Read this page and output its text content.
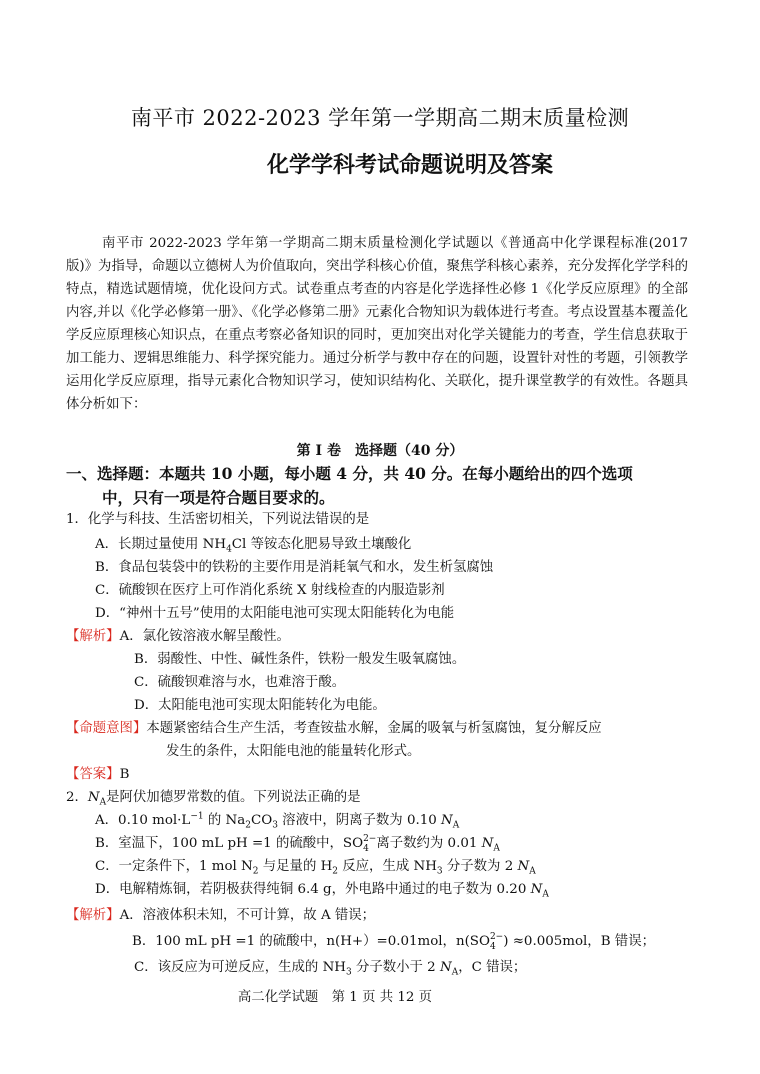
南平市 2022-2023 学年第一学期高二期末质量检测
化学学科考试命题说明及答案
南平市 2022-2023 学年第一学期高二期末质量检测化学试题以《普通高中化学课程标准(2017 版)》为指导，命题以立德树人为价值取向，突出学科核心价值，聚焦学科核心素养，充分发挥化学学科的特点，精选试题情境，优化设问方式。试卷重点考查的内容是化学选择性必修 1《化学反应原理》的全部内容,并以《化学必修第一册》、《化学必修第二册》元素化合物知识为载体进行考查。考点设置基本覆盖化学反应原理核心知识点，在重点考察必备知识的同时，更加突出对化学关键能力的考查，学生信息获取于加工能力、逻辑思维能力、科学探究能力。通过分析学与教中存在的问题，设置针对性的考题，引领教学运用化学反应原理，指导元素化合物知识学习，使知识结构化、关联化，提升课堂教学的有效性。各题具体分析如下：
第 I 卷　选择题（40 分）
一、选择题：本题共 10 小题，每小题 4 分，共 40 分。在每小题给出的四个选项
中，只有一项是符合题目要求的。
1．化学与科技、生活密切相关，下列说法错误的是
A．长期过量使用 $NH_4Cl$ 等铵态化肥易导致土壤酸化
B．食品包装袋中的铁粉的主要作用是消耗氧气和水，发生析氢腐蚀
C．硫酸钡在医疗上可作消化系统 X 射线检查的内服造影剂
D．“神州十五号”使用的太阳能电池可实现太阳能转化为电能
【解析】A．氯化铵溶液水解呈酸性。
B．弱酸性、中性、碱性条件，铁粉一般发生吸氧腐蚀。
C．硫酸钡难溶与水，也难溶于酸。
D．太阳能电池可实现太阳能转化为电能。
【命题意图】本题紧密结合生产生活，考查铵盐水解，金属的吸氧与析氢腐蚀，复分解反应
发生的条件，太阳能电池的能量转化形式。
【答案】B
2．$N_A$是阿伏加德罗常数的值。下列说法正确的是
A．0.10 $mol\cdot L^{-1}$ 的 $Na_2CO_3$ 溶液中，阴离子数为 0.10 $N_A$
B．室温下，100 mL pH =1 的硫酸中，SO 2−
4 离子数约为 0.01 $N_A$
C．一定条件下，1 mol $N_2$ 与足量的 $H_2$ 反应，生成 $NH_3$ 分子数为 2 $N_A$
D．电解精炼铜，若阴极获得纯铜 6.4 g，外电路中通过的电子数为 0.20 $N_A$
【解析】A．溶液体积未知，不可计算，故 A 错误；
B．100 mL pH =1 的硫酸中，n(H+）=0.01mol，n(SO 2−
4 ) ≈0.005mol，B 错误；
C．该反应为可逆反应，生成的 $NH_3$ 分子数小于 2 $N_A$，C 错误；
高二化学试题　第 1 页 共 12 页
